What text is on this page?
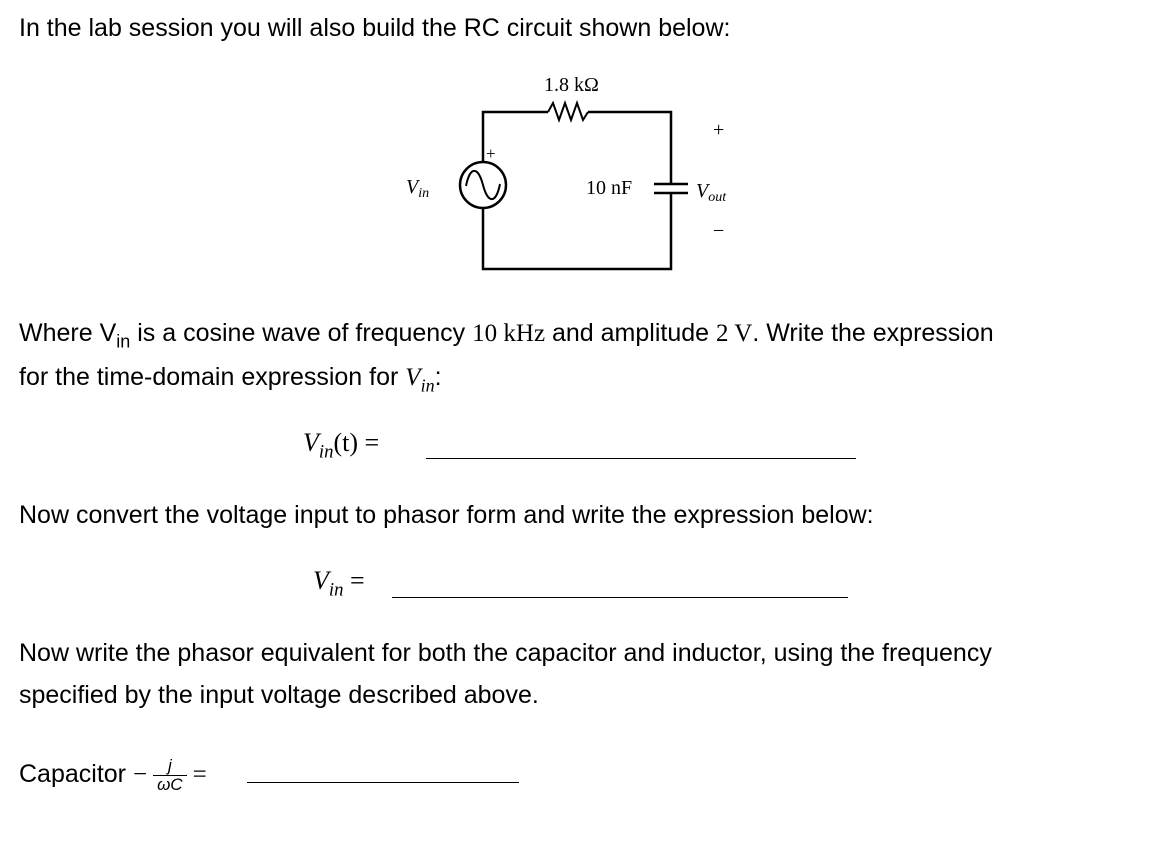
In the lab session you will also build the RC circuit shown below:
1.8 kΩ
10 nF
+
+
−
$V_{in}$	$V_{out}$
Where $V_{in}$ is a cosine wave of frequency 10 kHz and amplitude 2 V. Write the expression
for the time-domain expression for $V_{in}$:
$V_{in}(t)$ =
Now convert the voltage input to phasor form and write the expression below:
$V_{in}$ =
Now write the phasor equivalent for both the capacitor and inductor, using the frequency
specified by the input voltage described above.
Capacitor − $\frac{j}{\omega C}$ =
